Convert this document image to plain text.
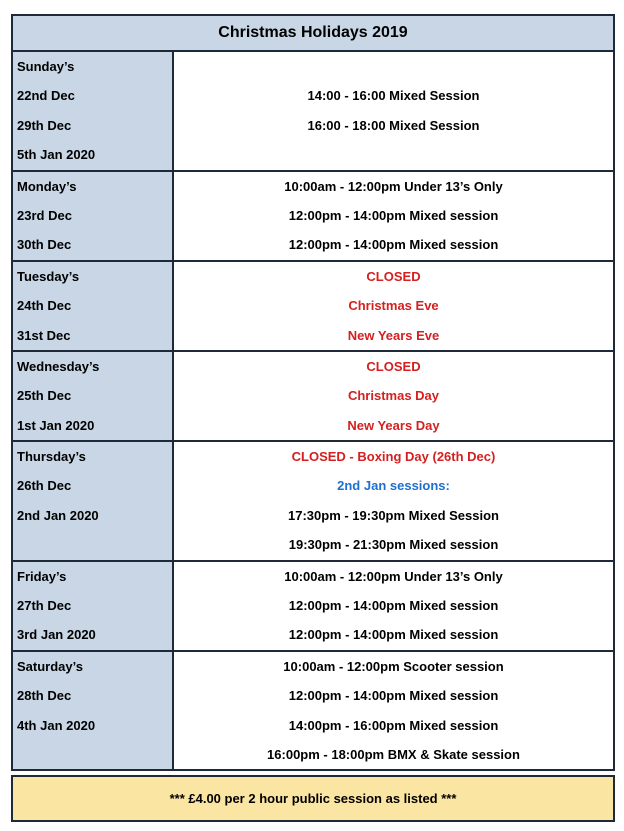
Christmas Holidays 2019
Sunday’s
22nd Dec
29th Dec
5th Jan 2020
14:00 - 16:00 Mixed Session
16:00 - 18:00 Mixed Session
Monday’s
23rd Dec
30th Dec
10:00am - 12:00pm Under 13’s Only
12:00pm - 14:00pm Mixed session
12:00pm - 14:00pm Mixed session
Tuesday’s
24th Dec
31st Dec
CLOSED
Christmas Eve
New Years Eve
Wednesday’s
25th Dec
1st Jan 2020
CLOSED
Christmas Day
New Years Day
Thursday’s
26th Dec
2nd Jan 2020
CLOSED - Boxing Day (26th Dec)
2nd Jan sessions:
17:30pm - 19:30pm Mixed Session
19:30pm - 21:30pm Mixed session
Friday’s
27th Dec
3rd Jan 2020
10:00am - 12:00pm Under 13’s Only
12:00pm - 14:00pm Mixed session
12:00pm - 14:00pm Mixed session
Saturday’s
28th Dec
4th Jan 2020
10:00am - 12:00pm Scooter session
12:00pm - 14:00pm Mixed session
14:00pm - 16:00pm Mixed session
16:00pm - 18:00pm BMX & Skate session
*** £4.00 per 2 hour public session as listed ***
